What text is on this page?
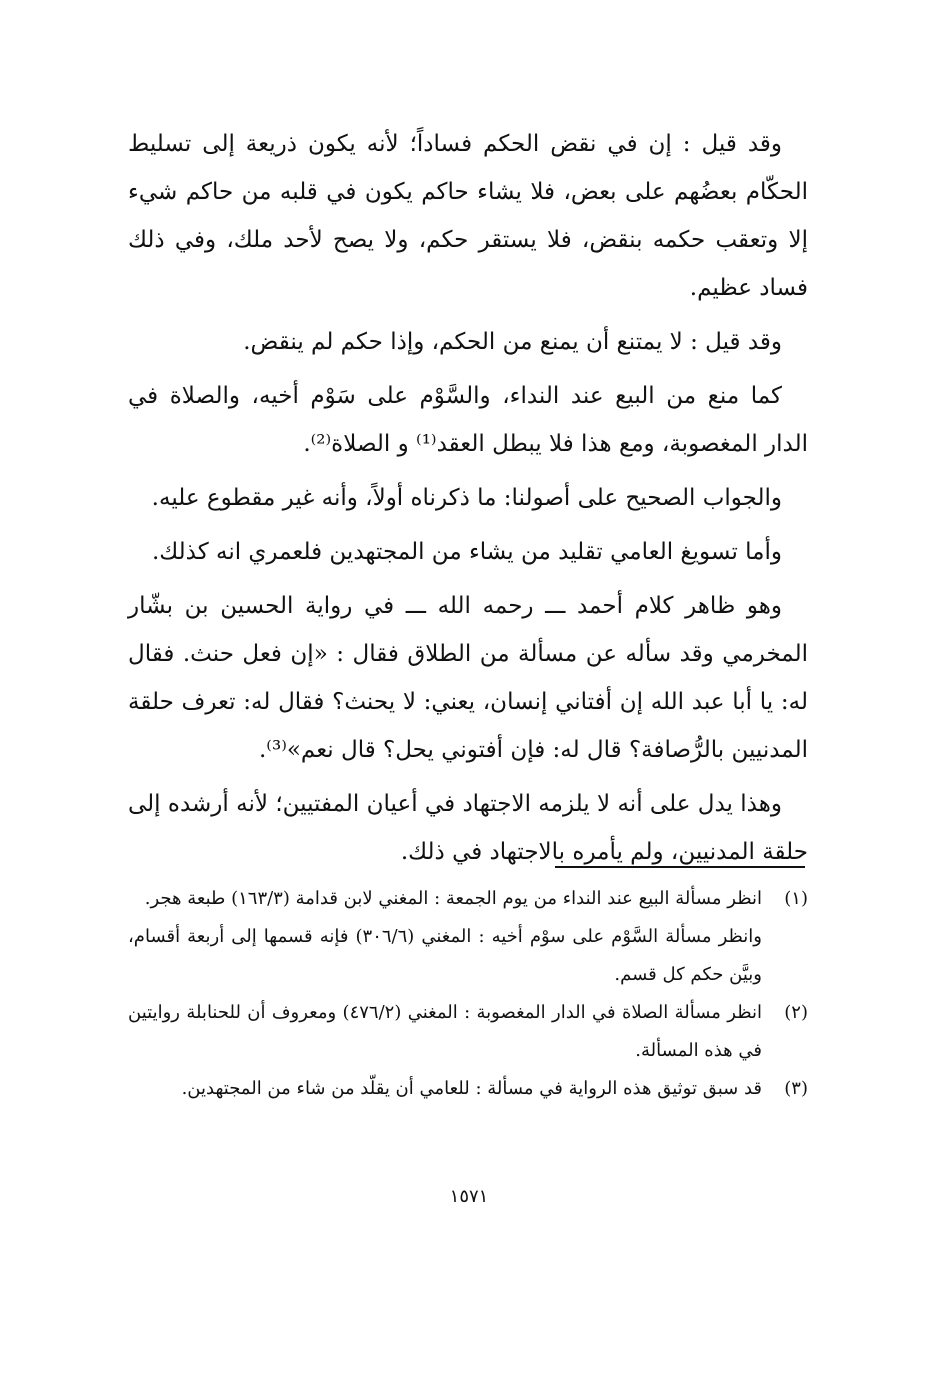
وقد قيل : إن في نقض الحكم فساداً؛ لأنه يكون ذريعة إلى تسليط الحكّام بعضُهم على بعض، فلا يشاء حاكم يكون في قلبه من حاكم شيء إلا وتعقب حكمه بنقض، فلا يستقر حكم، ولا يصح لأحد ملك، وفي ذلك فساد عظيم.

وقد قيل : لا يمتنع أن يمنع من الحكم، وإذا حكم لم ينقض.

كما منع من البيع عند النداء، والسَّوْم على سَوْم أخيه، والصلاة في الدار المغصوبة، ومع هذا فلا يبطل العقد⁽¹⁾ و الصلاة⁽²⁾.

والجواب الصحيح على أصولنا: ما ذكرناه أولاً، وأنه غير مقطوع عليه.

وأما تسويغ العامي تقليد من يشاء من المجتهدين فلعمري انه كذلك.

وهو ظاهر كلام أحمد ـــ رحمه الله ـــ في رواية الحسين بن بشّار المخرمي وقد سأله عن مسألة من الطلاق فقال : «إن فعل حنث. فقال له: يا أبا عبد الله إن أفتاني إنسان، يعني: لا يحنث؟ فقال له: تعرف حلقة المدنيين بالرُّصافة؟ قال له: فإن أفتوني يحل؟ قال نعم»⁽³⁾.

وهذا يدل على أنه لا يلزمه الاجتهاد في أعيان المفتيين؛ لأنه أرشده إلى حلقة المدنيين، ولم يأمره بالاجتهاد في ذلك.

(١)
انظر مسألة البيع عند النداء من يوم الجمعة : المغني لابن قدامة (١٦٣/٣) طبعة هجر.
وانظر مسألة السَّوْم على سوْم أخيه : المغني (٣٠٦/٦) فإنه قسمها إلى أربعة أقسام، وبيَّن حكم كل قسم.
(٢)
انظر مسألة الصلاة في الدار المغصوبة : المغني (٤٧٦/٢) ومعروف أن للحنابلة روايتين في هذه المسألة.
(٣)
قد سبق توثيق هذه الرواية في مسألة : للعامي أن يقلّد من شاء من المجتهدين.
١٥٧١
